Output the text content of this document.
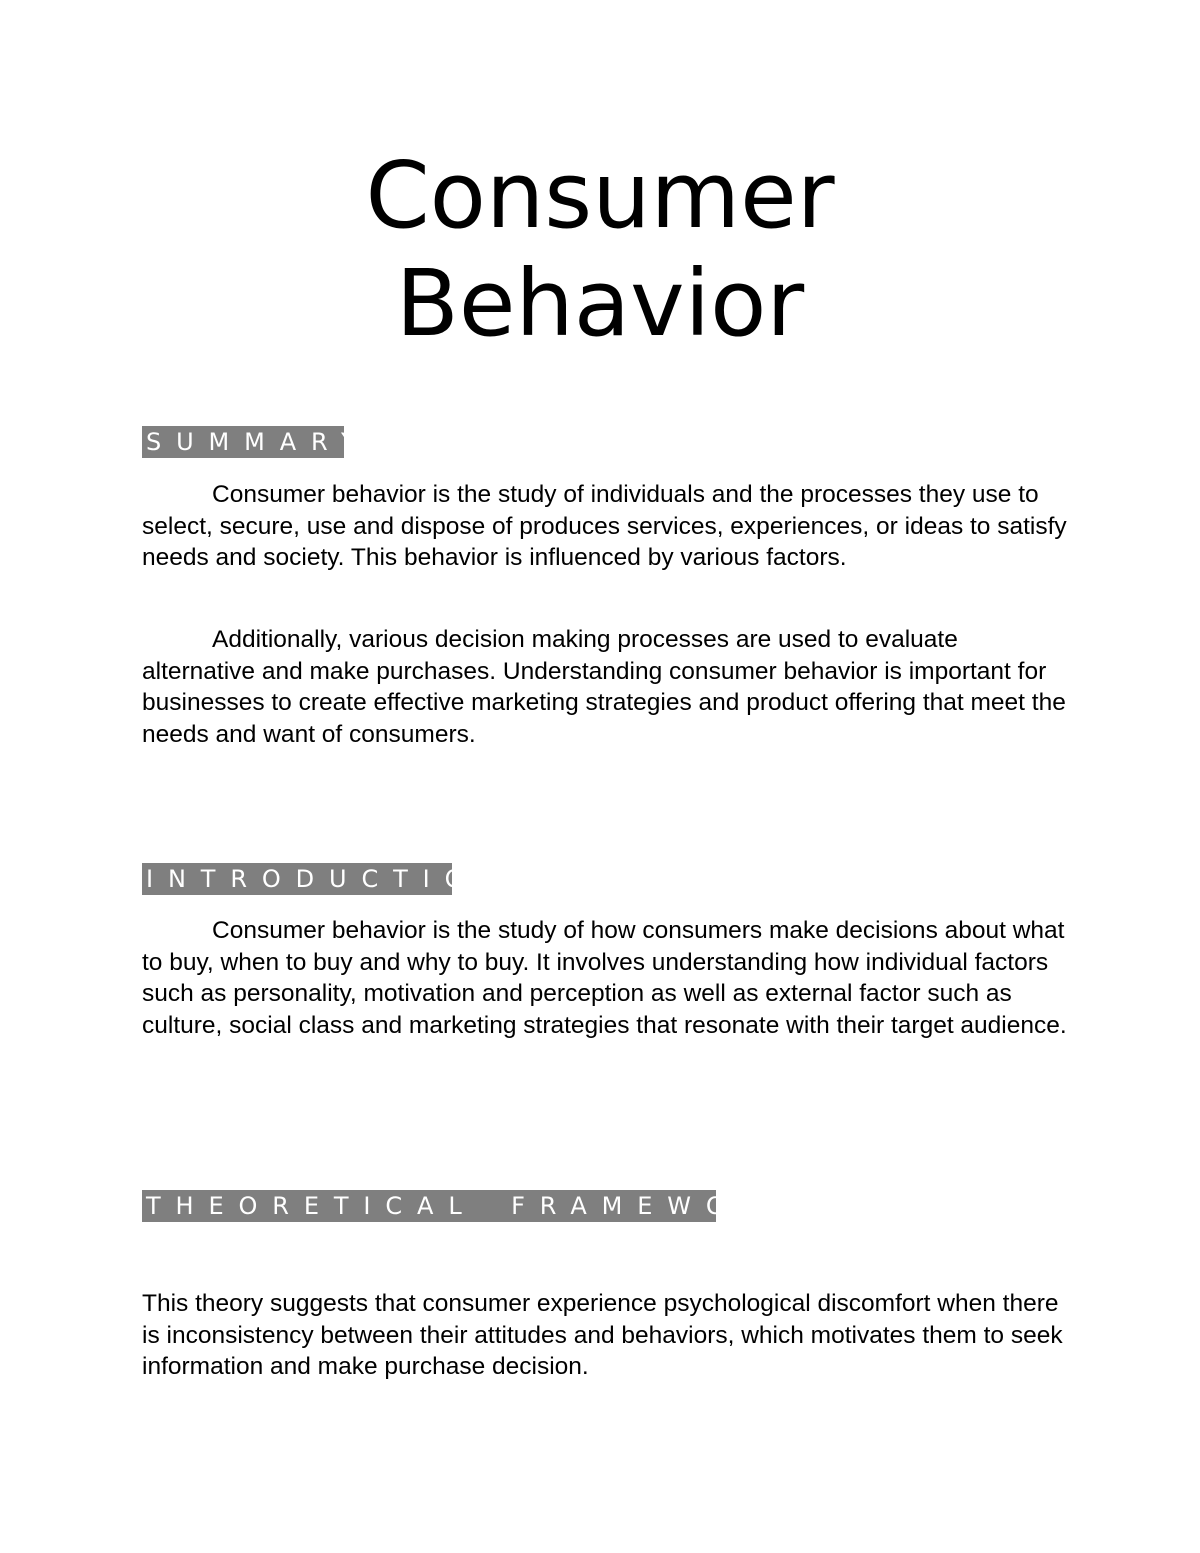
Consumer
Behavior
SUMMARY

Consumer behavior is the study of individuals and the processes they use to select, secure, use and dispose of produces services, experiences, or ideas to satisfy needs and society. This behavior is influenced by various factors.

Additionally, various decision making processes are used to evaluate alternative and make purchases. Understanding consumer behavior is important for businesses to create effective marketing strategies and product offering that meet the needs and want of consumers.

INTRODUCTION

Consumer behavior is the study of how consumers make decisions about what to buy, when to buy and why to buy. It involves understanding how individual factors such as personality, motivation and perception as well as external factor such as culture, social class and marketing strategies that resonate with their target audience.

THEORETICAL FRAMEWORK

This theory suggests that consumer experience psychological discomfort when there is inconsistency between their attitudes and behaviors, which motivates them to seek information and make purchase decision.
